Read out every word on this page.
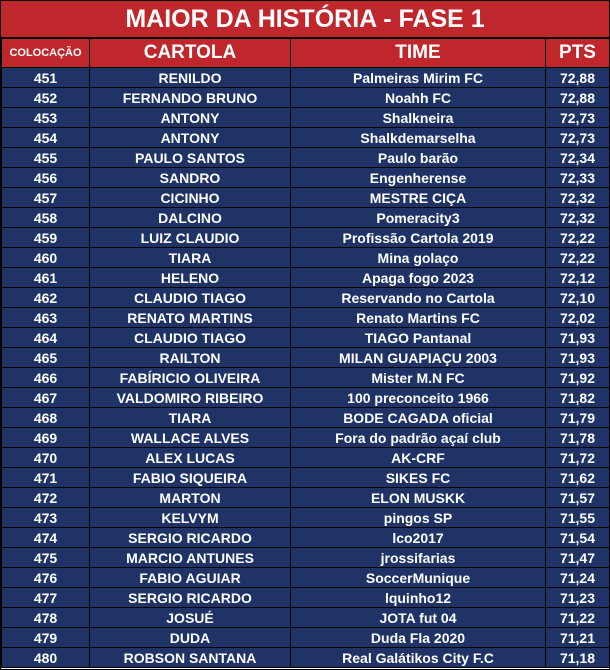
MAIOR DA HISTÓRIA - FASE 1
COLOCAÇÃO	CARTOLA	TIME	PTS
451	RENILDO	Palmeiras Mirim FC	72,88
452	FERNANDO BRUNO	Noahh FC	72,88
453	ANTONY	Shalkneira	72,73
454	ANTONY	Shalkdemarselha	72,73
455	PAULO SANTOS	Paulo barão	72,34
456	SANDRO	Engenherense	72,33
457	CICINHO	MESTRE CIÇA	72,32
458	DALCINO	Pomeracity3	72,32
459	LUIZ CLAUDIO	Profissão Cartola 2019	72,22
460	TIARA	Mina golaço	72,22
461	HELENO	Apaga fogo 2023	72,12
462	CLAUDIO TIAGO	Reservando no Cartola	72,10
463	RENATO MARTINS	Renato Martins FC	72,02
464	CLAUDIO TIAGO	TIAGO Pantanal	71,93
465	RAILTON	MILAN GUAPIAÇU 2003	71,93
466	FABÍRICIO OLIVEIRA	Mister M.N FC	71,92
467	VALDOMIRO RIBEIRO	100 preconceito 1966	71,82
468	TIARA	BODE CAGADA oficial	71,79
469	WALLACE ALVES	Fora do padrão açaí club	71,78
470	ALEX LUCAS	AK-CRF	71,72
471	FABIO SIQUEIRA	SIKES FC	71,62
472	MARTON	ELON MUSKK	71,57
473	KELVYM	pingos SP	71,55
474	SERGIO RICARDO	lco2017	71,54
475	MARCIO ANTUNES	jrossifarias	71,47
476	FABIO AGUIAR	SoccerMunique	71,24
477	SERGIO RICARDO	lquinho12	71,23
478	JOSUÉ	JOTA fut 04	71,22
479	DUDA	Duda Fla 2020	71,21
480	ROBSON SANTANA	Real Galátikos City F.C	71,18
